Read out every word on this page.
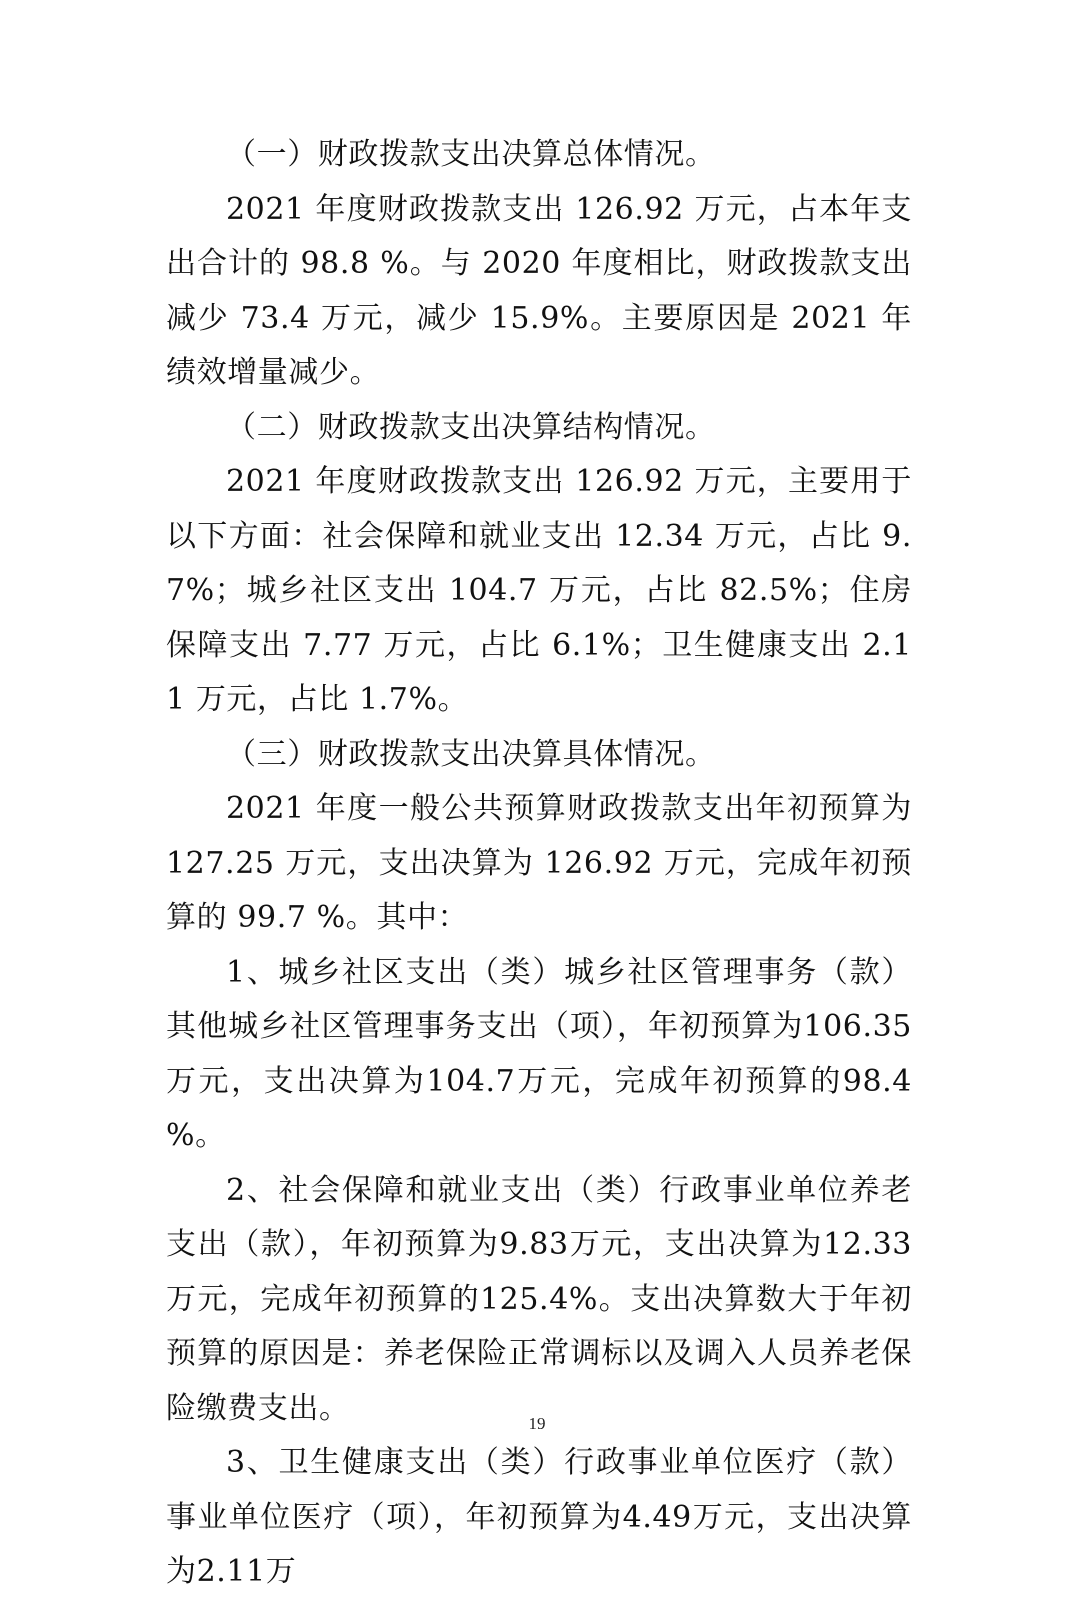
（一）财政拨款支出决算总体情况。

2021 年度财政拨款支出 126.92 万元，占本年支出合计的 98.8 %。与 2020 年度相比，财政拨款支出减少 73.4 万元，减少 15.9%。主要原因是 2021 年绩效增量减少。

（二）财政拨款支出决算结构情况。

2021 年度财政拨款支出 126.92 万元，主要用于以下方面：社会保障和就业支出 12.34 万元，占比 9.7%；城乡社区支出 104.7 万元，占比 82.5%；住房保障支出 7.77 万元，占比 6.1%；卫生健康支出 2.11 万元，占比 1.7%。

（三）财政拨款支出决算具体情况。

2021 年度一般公共预算财政拨款支出年初预算为 127.25 万元，支出决算为 126.92 万元，完成年初预算的 99.7 %。其中：

1、城乡社区支出（类）城乡社区管理事务（款）其他城乡社区管理事务支出（项），年初预算为106.35万元，支出决算为104.7万元，完成年初预算的98.4 %。

2、社会保障和就业支出（类）行政事业单位养老支出（款），年初预算为9.83万元，支出决算为12.33万元，完成年初预算的125.4%。支出决算数大于年初预算的原因是：养老保险正常调标以及调入人员养老保险缴费支出。

3、卫生健康支出（类）行政事业单位医疗（款）事业单位医疗（项），年初预算为4.49万元，支出决算为2.11万

19
